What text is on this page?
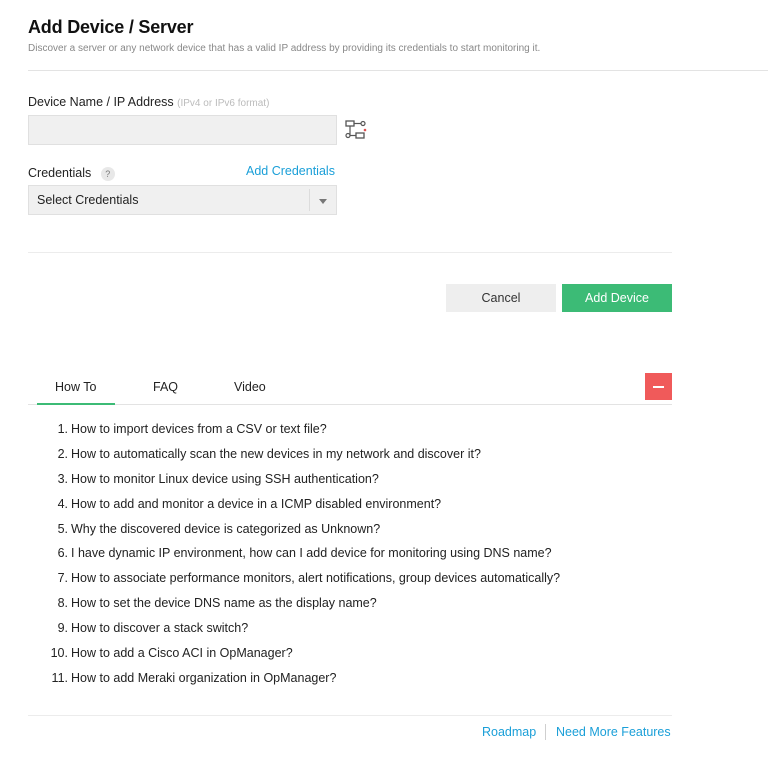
Add Device / Server
Discover a server or any network device that has a valid IP address by providing its credentials to start monitoring it.
Device Name / IP Address (IPv4 or IPv6 format)
Credentials ?	Add Credentials
Select Credentials
Cancel	Add Device
How To	FAQ	Video
1. How to import devices from a CSV or text file?
2. How to automatically scan the new devices in my network and discover it?
3. How to monitor Linux device using SSH authentication?
4. How to add and monitor a device in a ICMP disabled environment?
5. Why the discovered device is categorized as Unknown?
6. I have dynamic IP environment, how can I add device for monitoring using DNS name?
7. How to associate performance monitors, alert notifications, group devices automatically?
8. How to set the device DNS name as the display name?
9. How to discover a stack switch?
10. How to add a Cisco ACI in OpManager?
11. How to add Meraki organization in OpManager?
Roadmap Need More Features
